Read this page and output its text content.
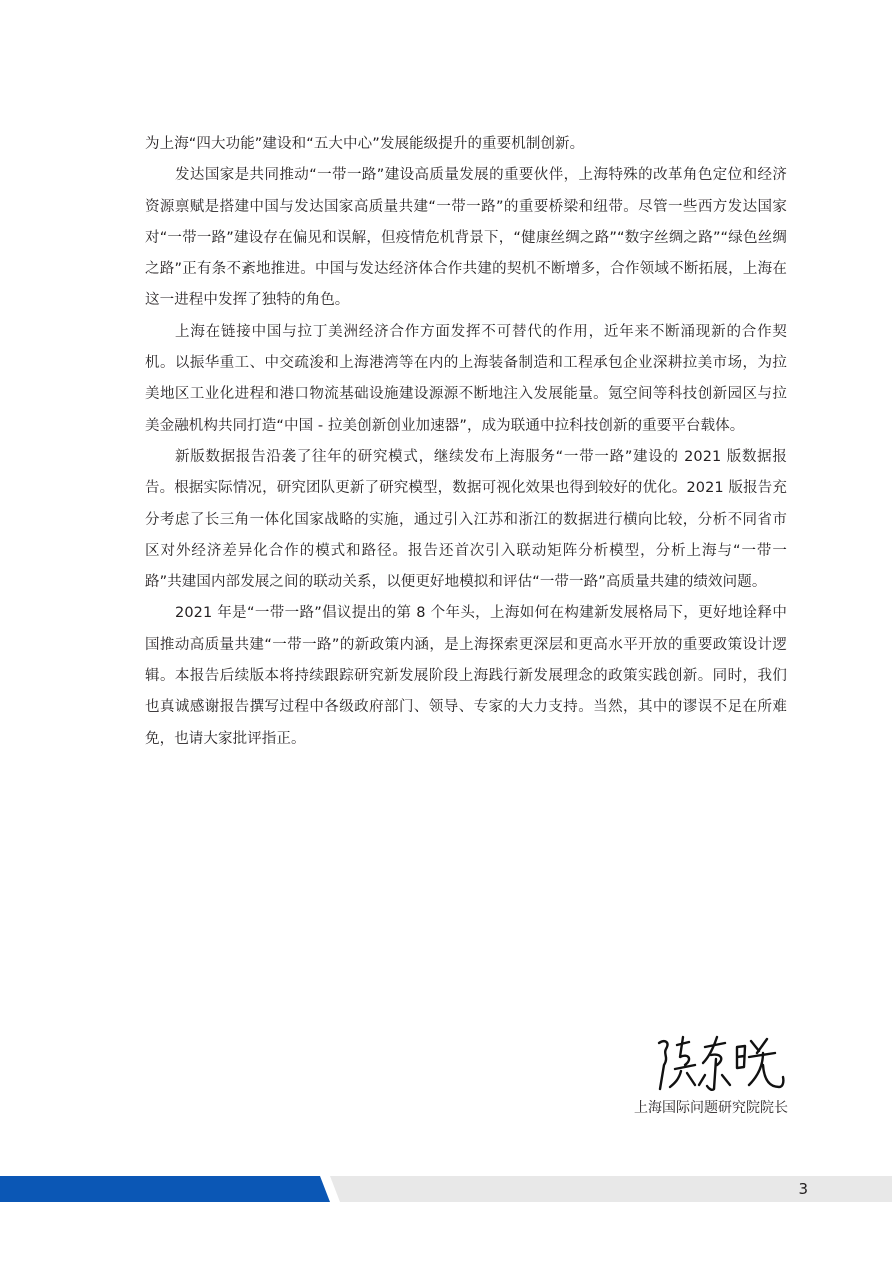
为上海“四大功能”建设和“五大中心”发展能级提升的重要机制创新。

发达国家是共同推动“一带一路”建设高质量发展的重要伙伴，上海特殊的改革角色定位和经济资源禀赋是搭建中国与发达国家高质量共建“一带一路”的重要桥梁和纽带。尽管一些西方发达国家对“一带一路”建设存在偏见和误解，但疫情危机背景下，“健康丝绸之路”“数字丝绸之路”“绿色丝绸之路”正有条不紊地推进。中国与发达经济体合作共建的契机不断增多，合作领域不断拓展，上海在这一进程中发挥了独特的角色。

上海在链接中国与拉丁美洲经济合作方面发挥不可替代的作用，近年来不断涌现新的合作契机。以振华重工、中交疏浚和上海港湾等在内的上海装备制造和工程承包企业深耕拉美市场，为拉美地区工业化进程和港口物流基础设施建设源源不断地注入发展能量。氪空间等科技创新园区与拉美金融机构共同打造“中国 - 拉美创新创业加速器”，成为联通中拉科技创新的重要平台载体。

新版数据报告沿袭了往年的研究模式，继续发布上海服务“一带一路”建设的 2021 版数据报告。根据实际情况，研究团队更新了研究模型，数据可视化效果也得到较好的优化。2021 版报告充分考虑了长三角一体化国家战略的实施，通过引入江苏和浙江的数据进行横向比较，分析不同省市区对外经济差异化合作的模式和路径。报告还首次引入联动矩阵分析模型，分析上海与“一带一路”共建国内部发展之间的联动关系，以便更好地模拟和评估“一带一路”高质量共建的绩效问题。

2021 年是“一带一路”倡议提出的第 8 个年头，上海如何在构建新发展格局下，更好地诠释中国推动高质量共建“一带一路”的新政策内涵，是上海探索更深层和更高水平开放的重要政策设计逻辑。本报告后续版本将持续跟踪研究新发展阶段上海践行新发展理念的政策实践创新。同时，我们也真诚感谢报告撰写过程中各级政府部门、领导、专家的大力支持。当然，其中的谬误不足在所难免，也请大家批评指正。

上海国际问题研究院院长
3
